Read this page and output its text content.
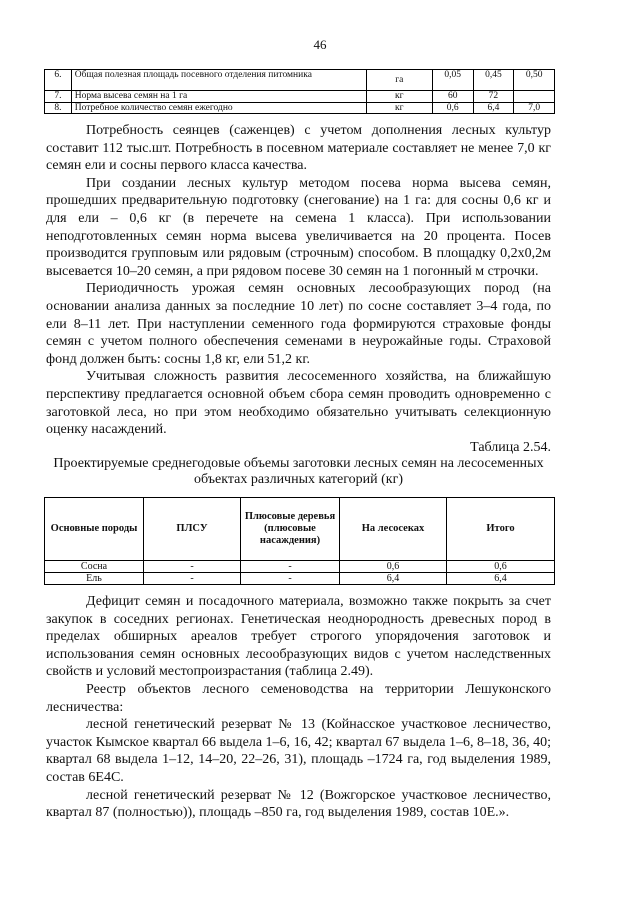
46
6.	Общая полезная площадь посевного отделения питомника	га	0,05	0,45	0,50
7.	Норма высева семян на 1 га	кг	60	72	
8.	Потребное количество семян ежегодно	кг	0,6	6,4	7,0

Потребность сеянцев (саженцев) с учетом дополнения лесных культур составит 112 тыс.шт. Потребность в посевном материале составляет не менее 7,0 кг семян ели и сосны первого класса качества.

При создании лесных культур методом посева норма высева семян, прошедших предварительную подготовку (снегование) на 1 га: для сосны 0,6 кг и для ели – 0,6 кг (в перечете на семена 1 класса). При использовании неподготовленных семян норма высева увеличивается на 20 процента. Посев производится групповым или рядовым (строчным) способом. В площадку 0,2х0,2м высевается 10–20 семян, а при рядовом посеве 30 семян на 1 погонный м строчки.

Периодичность урожая семян основных лесообразующих пород (на основании анализа данных за последние 10 лет) по сосне составляет 3–4 года, по ели 8–11 лет. При наступлении семенного года формируются страховые фонды семян с учетом полного обеспечения семенами в неурожайные годы. Страховой фонд должен быть: сосны 1,8 кг, ели 51,2 кг.

Учитывая сложность развития лесосеменного хозяйства, на ближайшую перспективу предлагается основной объем сбора семян проводить одновременно с заготовкой леса, но при этом необходимо обязательно учитывать селекционную оценку насаждений.

Таблица 2.54.

Проектируемые среднегодовые объемы заготовки лесных семян на лесосеменных объектах различных категорий (кг)

Основные породы	ПЛСУ	Плюсовые деревья (плюсовые насаждения)	На лесосеках	Итого
Сосна	-	-	0,6	0,6
Ель	-	-	6,4	6,4

Дефицит семян и посадочного материала, возможно также покрыть за счет закупок в соседних регионах. Генетическая неоднородность древесных пород в пределах обширных ареалов требует строгого упорядочения заготовок и использования семян основных лесообразующих видов с учетом наследственных свойств и условий местопроизрастания (таблица 2.49).

Реестр объектов лесного семеноводства на территории Лешуконского лесничества:

лесной генетический резерват № 13 (Койнасское участковое лесничество, участок Кымское квартал 66 выдела 1–6, 16, 42; квартал 67 выдела 1–6, 8–18, 36, 40; квартал 68 выдела 1–12, 14–20, 22–26, 31), площадь –1724 га, год выделения 1989, состав 6Е4С.

лесной генетический резерват № 12 (Вожгорское участковое лесничество, квартал 87 (полностью)), площадь –850 га, год выделения 1989, состав 10Е.».
